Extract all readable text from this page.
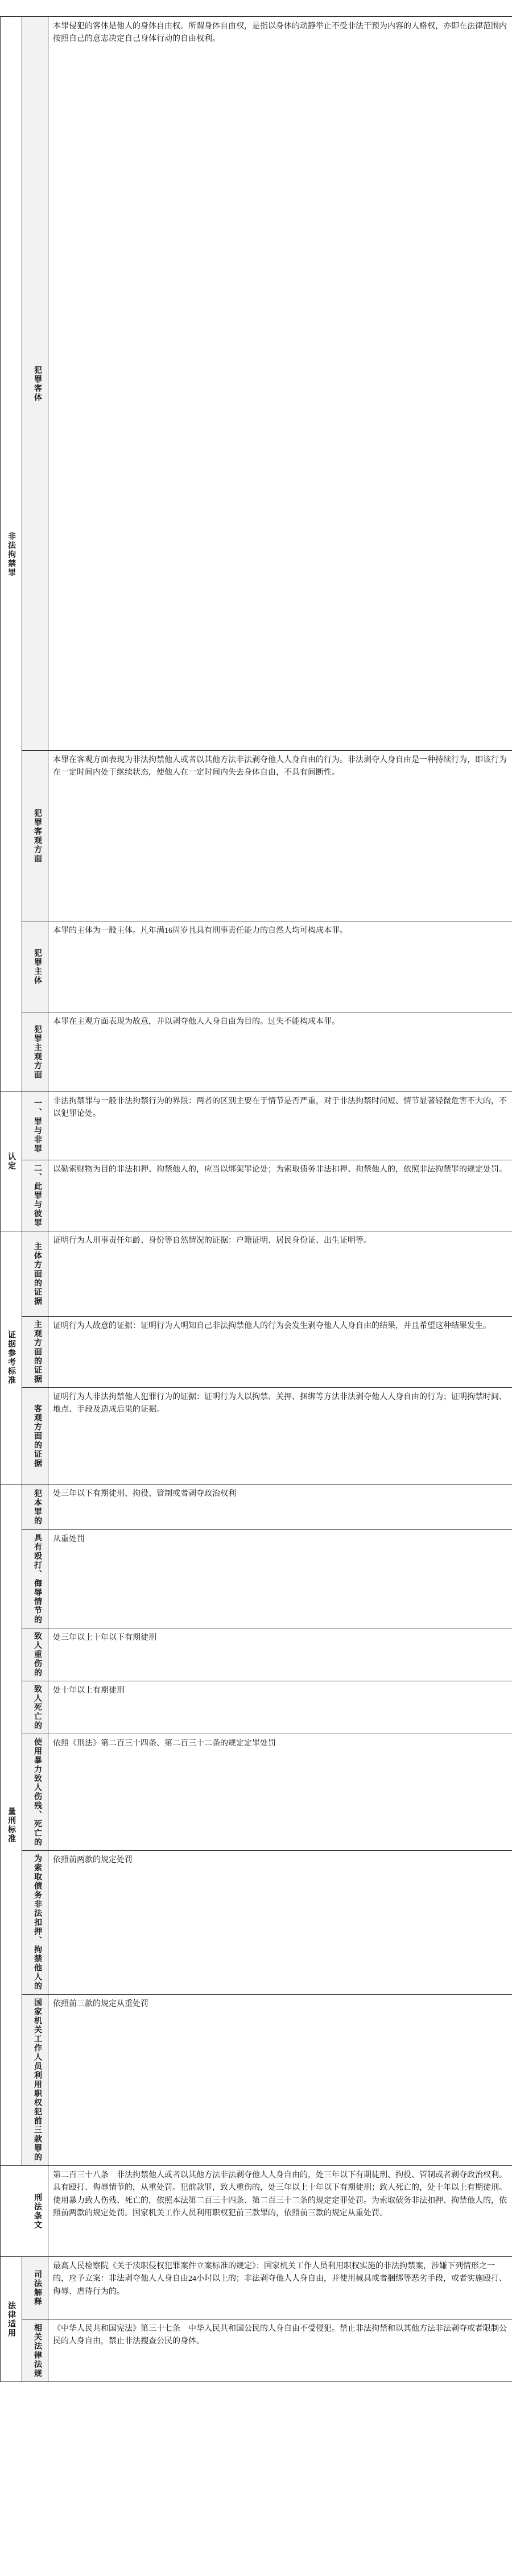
非法拘禁罪	犯罪客体	本罪侵犯的客体是他人的身体自由权。所谓身体自由权，是指以身体的动静举止不受非法干预为内容的人格权，亦即在法律范围内按照自己的意志决定自己身体行动的自由权利。

	犯罪客观方面	本罪在客观方面表现为非法拘禁他人或者以其他方法非法剥夺他人人身自由的行为。非法剥夺人身自由是一种持续行为，即该行为在一定时间内处于继续状态，使他人在一定时间内失去身体自由，不具有间断性。

	犯罪主体	本罪的主体为一般主体。凡年满16周岁且具有刑事责任能力的自然人均可构成本罪。

	犯罪主观方面	本罪在主观方面表现为故意，并以剥夺他人人身自由为目的。过失不能构成本罪。

认定	一、罪与非罪	非法拘禁罪与一般非法拘禁行为的界限：两者的区别主要在于情节是否严重，对于非法拘禁时间短、情节显著轻微危害不大的，不以犯罪论处。

	二、此罪与彼罪	以勒索财物为目的非法扣押、拘禁他人的，应当以绑架罪论处；为索取债务非法扣押、拘禁他人的，依照非法拘禁罪的规定处罚。

证据参考标准	主体方面的证据	证明行为人刑事责任年龄、身份等自然情况的证据：户籍证明、居民身份证、出生证明等。

	主观方面的证据	证明行为人故意的证据：证明行为人明知自己非法拘禁他人的行为会发生剥夺他人人身自由的结果，并且希望这种结果发生。

	客观方面的证据	证明行为人非法拘禁他人犯罪行为的证据：证明行为人以拘禁、关押、捆绑等方法非法剥夺他人人身自由的行为；证明拘禁时间、地点、手段及造成后果的证据。

量刑标准	犯本罪的	处三年以下有期徒刑、拘役、管制或者剥夺政治权利

	具有殴打、侮辱情节的	从重处罚

	致人重伤的	处三年以上十年以下有期徒刑

	致人死亡的	处十年以上有期徒刑

	使用暴力致人伤残、死亡的	依照《刑法》第二百三十四条、第二百三十二条的规定定罪处罚

	为索取债务非法扣押、拘禁他人的	依照前两款的规定处罚

	国家机关工作人员利用职权犯前三款罪的	依照前三款的规定从重处罚

刑法条文		第二百三十八条　非法拘禁他人或者以其他方法非法剥夺他人人身自由的，处三年以下有期徒刑、拘役、管制或者剥夺政治权利。具有殴打、侮辱情节的，从重处罚。犯前款罪，致人重伤的，处三年以上十年以下有期徒刑；致人死亡的，处十年以上有期徒刑。使用暴力致人伤残、死亡的，依照本法第二百三十四条、第二百三十二条的规定定罪处罚。为索取债务非法扣押、拘禁他人的，依照前两款的规定处罚。国家机关工作人员利用职权犯前三款罪的，依照前三款的规定从重处罚。

法律适用	司法解释	最高人民检察院《关于渎职侵权犯罪案件立案标准的规定》：国家机关工作人员利用职权实施的非法拘禁案，涉嫌下列情形之一的，应予立案：非法剥夺他人人身自由24小时以上的；非法剥夺他人人身自由，并使用械具或者捆绑等恶劣手段，或者实施殴打、侮辱、虐待行为的。

	相关法律法规	《中华人民共和国宪法》第三十七条　中华人民共和国公民的人身自由不受侵犯。禁止非法拘禁和以其他方法非法剥夺或者限制公民的人身自由，禁止非法搜查公民的身体。
